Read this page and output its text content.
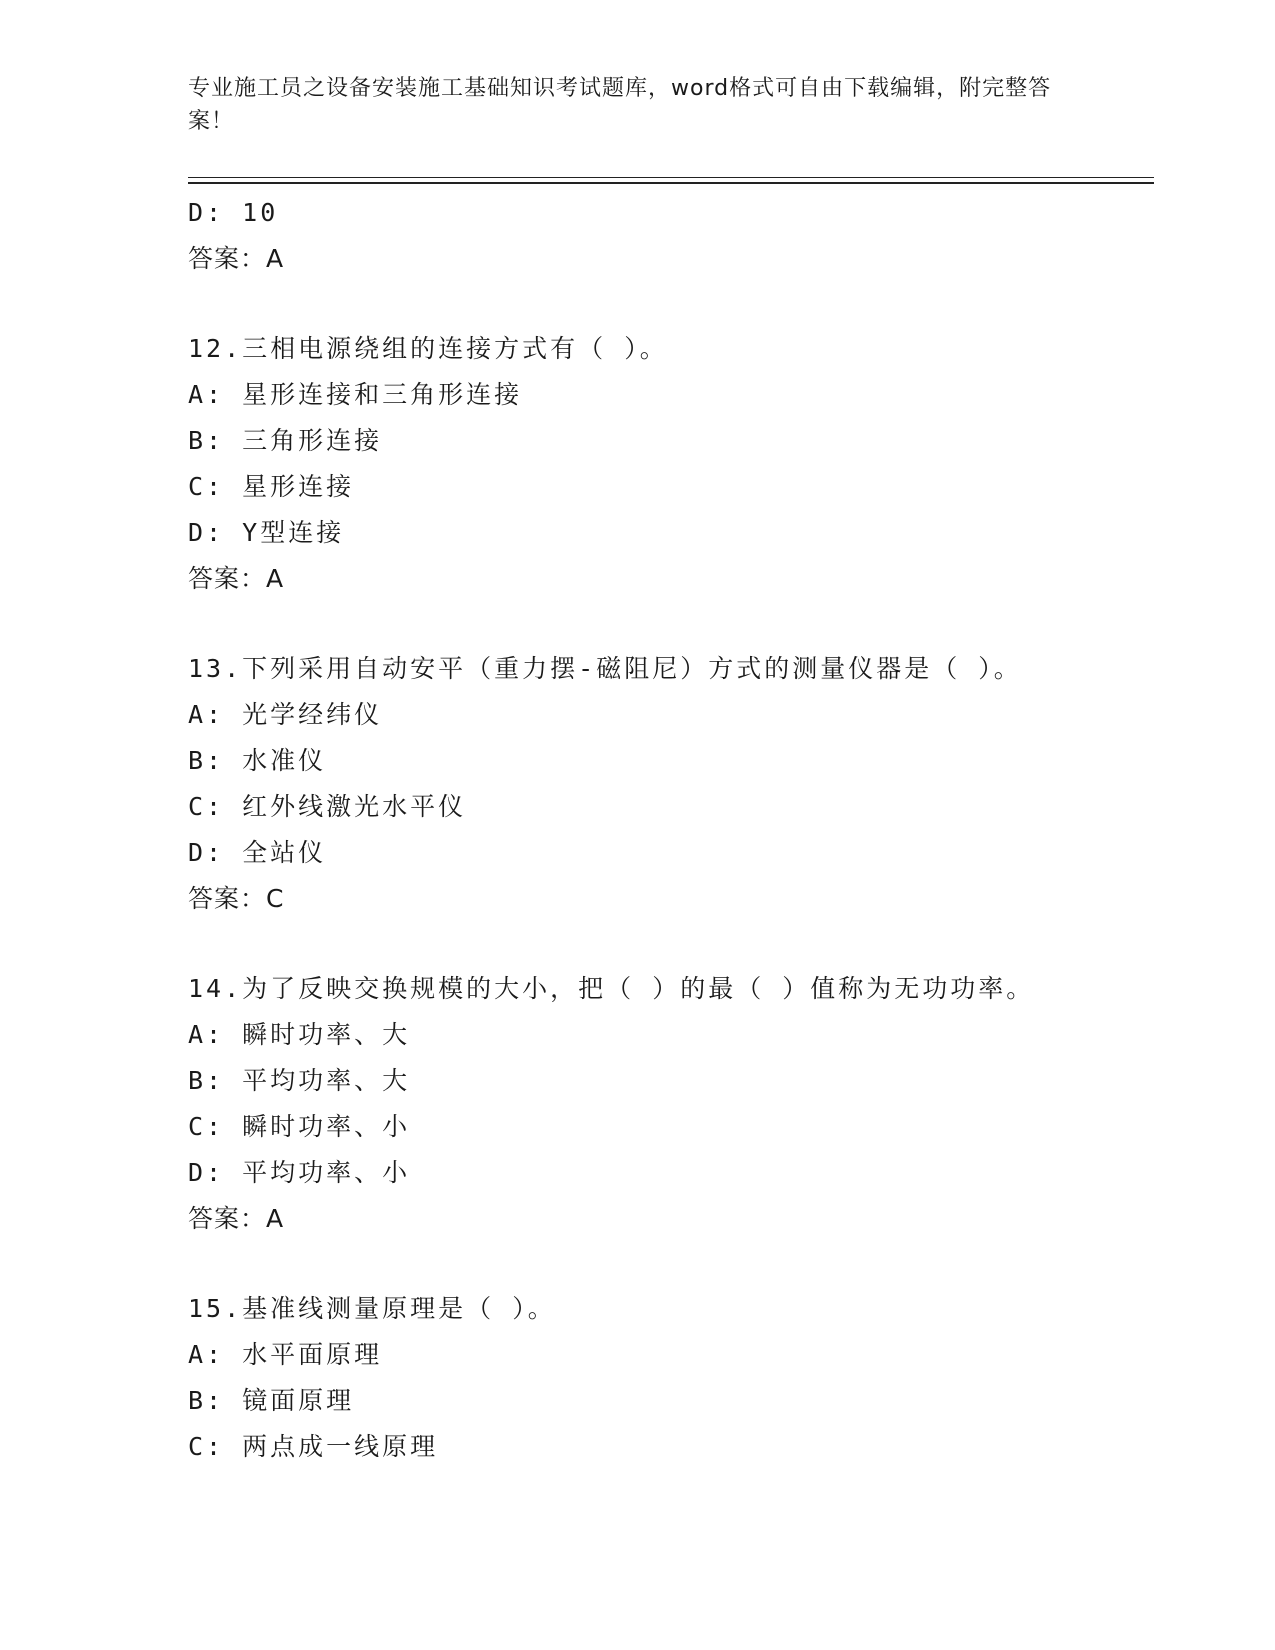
专业施工员之设备安装施工基础知识考试题库，word格式可自由下载编辑，附完整答案！
D: 10
答案：A
12.三相电源绕组的连接方式有（ ）。
A: 星形连接和三角形连接
B: 三角形连接
C: 星形连接
D: Y型连接
答案：A
13.下列采用自动安平（重力摆-磁阻尼）方式的测量仪器是（ ）。
A: 光学经纬仪
B: 水准仪
C: 红外线激光水平仪
D: 全站仪
答案：C
14.为了反映交换规模的大小，把（ ）的最（ ）值称为无功功率。
A: 瞬时功率、大
B: 平均功率、大
C: 瞬时功率、小
D: 平均功率、小
答案：A
15.基准线测量原理是（ ）。
A: 水平面原理
B: 镜面原理
C: 两点成一线原理
